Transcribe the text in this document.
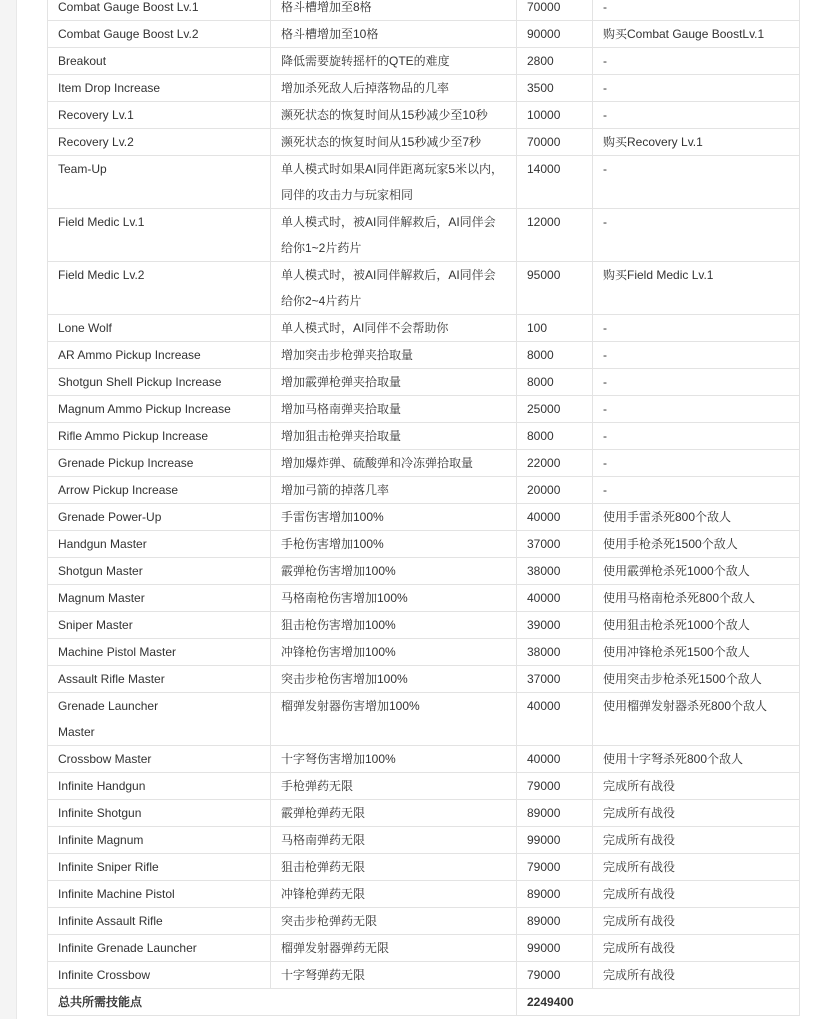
Combat Gauge Boost Lv.1	格斗槽增加至8格	70000	-
Combat Gauge Boost Lv.2	格斗槽增加至10格	90000	购买Combat Gauge BoostLv.1
Breakout	降低需要旋转摇杆的QTE的难度	2800	-
Item Drop Increase	增加杀死敌人后掉落物品的几率	3500	-
Recovery Lv.1	濒死状态的恢复时间从15秒减少至10秒	10000	-
Recovery Lv.2	濒死状态的恢复时间从15秒减少至7秒	70000	购买Recovery Lv.1
Team-Up	单人模式时如果AI同伴距离玩家5米以内，同伴的攻击力与玩家相同	14000	-
Field Medic Lv.1	单人模式时，被AI同伴解救后，AI同伴会给你1~2片药片	12000	-
Field Medic Lv.2	单人模式时，被AI同伴解救后，AI同伴会给你2~4片药片	95000	购买Field Medic Lv.1
Lone Wolf	单人模式时，AI同伴不会帮助你	100	-
AR Ammo Pickup Increase	增加突击步枪弹夹拾取量	8000	-
Shotgun Shell Pickup Increase	增加霰弹枪弹夹拾取量	8000	-
Magnum Ammo Pickup Increase	增加马格南弹夹拾取量	25000	-
Rifle Ammo Pickup Increase	增加狙击枪弹夹拾取量	8000	-
Grenade Pickup Increase	增加爆炸弹、硫酸弹和冷冻弹拾取量	22000	-
Arrow Pickup Increase	增加弓箭的掉落几率	20000	-
Grenade Power-Up	手雷伤害增加100%	40000	使用手雷杀死800个敌人
Handgun Master	手枪伤害增加100%	37000	使用手枪杀死1500个敌人
Shotgun Master	霰弹枪伤害增加100%	38000	使用霰弹枪杀死1000个敌人
Magnum Master	马格南枪伤害增加100%	40000	使用马格南枪杀死800个敌人
Sniper Master	狙击枪伤害增加100%	39000	使用狙击枪杀死1000个敌人
Machine Pistol Master	冲锋枪伤害增加100%	38000	使用冲锋枪杀死1500个敌人
Assault Rifle Master	突击步枪伤害增加100%	37000	使用突击步枪杀死1500个敌人
Grenade Launcher
Master	榴弹发射器伤害增加100%	40000	使用榴弹发射器杀死800个敌人
Crossbow Master	十字弩伤害增加100%	40000	使用十字弩杀死800个敌人
Infinite Handgun	手枪弹药无限	79000	完成所有战役
Infinite Shotgun	霰弹枪弹药无限	89000	完成所有战役
Infinite Magnum	马格南弹药无限	99000	完成所有战役
Infinite Sniper Rifle	狙击枪弹药无限	79000	完成所有战役
Infinite Machine Pistol	冲锋枪弹药无限	89000	完成所有战役
Infinite Assault Rifle	突击步枪弹药无限	89000	完成所有战役
Infinite Grenade Launcher	榴弹发射器弹药无限	99000	完成所有战役
Infinite Crossbow	十字弩弹药无限	79000	完成所有战役
总共所需技能点		2249400	
